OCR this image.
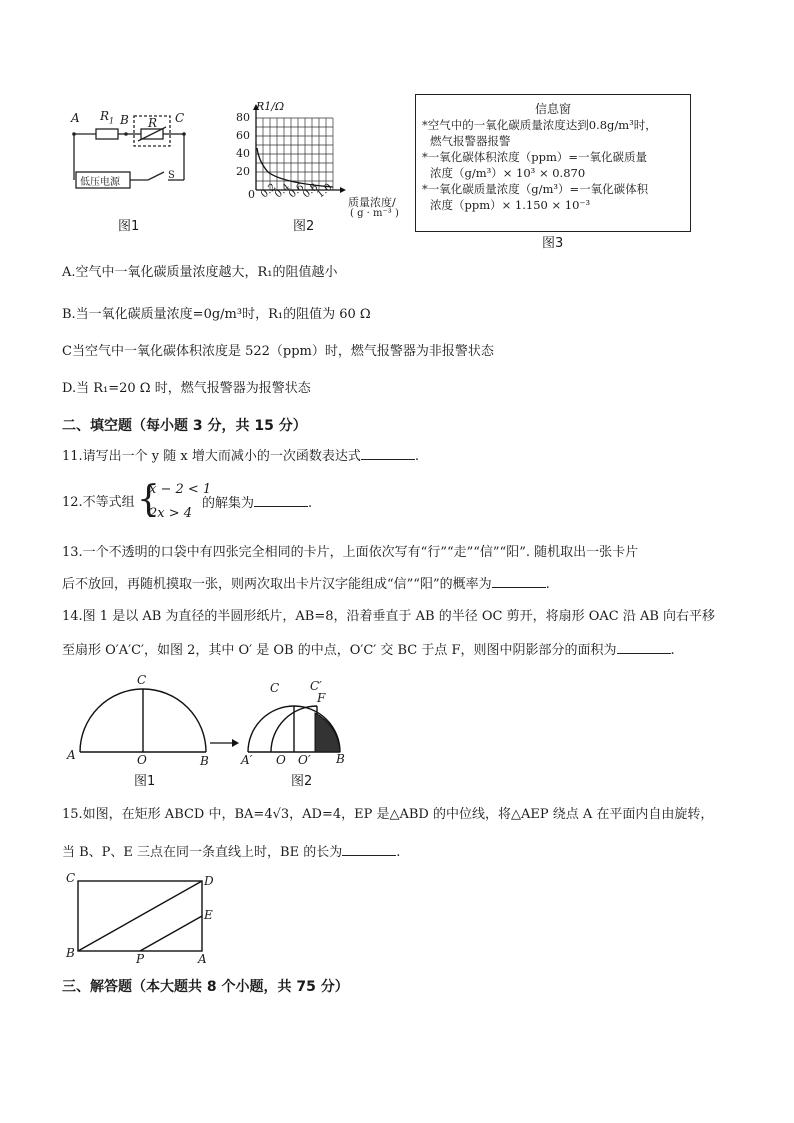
A $R_1$ B R C
低压电源
S
图1
R1/Ω
80
60
40
20
0 0.2
0.4
0.6
0.8
1.0
质量浓度/
( g · m⁻³ )
图2
信息窗
*空气中的一氧化碳质量浓度达到0.8g/m³时，
燃气报警器报警
*一氧化碳体积浓度（ppm）=一氧化碳质量
浓度（g/m³）× 10³ × 0.870
*一氧化碳质量浓度（g/m³）=一氧化碳体积
浓度（ppm）× 1.150 × 10⁻³
图3
A.空气中一氧化碳质量浓度越大，R₁的阻值越小
B.当一氧化碳质量浓度=0g/m³时，R₁的阻值为 60 Ω
C当空气中一氧化碳体积浓度是 522（ppm）时，燃气报警器为非报警状态
D.当 R₁=20 Ω 时，燃气报警器为报警状态
二、填空题（每小题 3 分，共 15 分）
11.请写出一个 y 随 x 增大而减小的一次函数表达式	.
12.不等式组 {
x − 2 < 1
2x > 4
的解集为	.
13.一个不透明的口袋中有四张完全相同的卡片，上面依次写有“行”“走”“信”“阳”. 随机取出一张卡片
后不放回，再随机摸取一张，则两次取出卡片汉字能组成“信”“阳”的概率为	.
14.图 1 是以 AB 为直径的半圆形纸片，AB=8，沿着垂直于 AB 的半径 OC 剪开，将扇形 OAC 沿 AB 向右平移
至扇形 O′A′C′，如图 2，其中 O′ 是 OB 的中点，O′C′ 交 BC 于点 F，则图中阴影部分的面积为	.
C
A	O	B
图1
C	C′
F
A′ O O′ B
图2
15.如图，在矩形 ABCD 中，BA=4√3，AD=4，EP 是△ABD 的中位线，将△AEP 绕点 A 在平面内自由旋转，
当 B、P、E 三点在同一条直线上时，BE 的长为	.
C	D
E
B	P	A
三、解答题（本大题共 8 个小题，共 75 分）
